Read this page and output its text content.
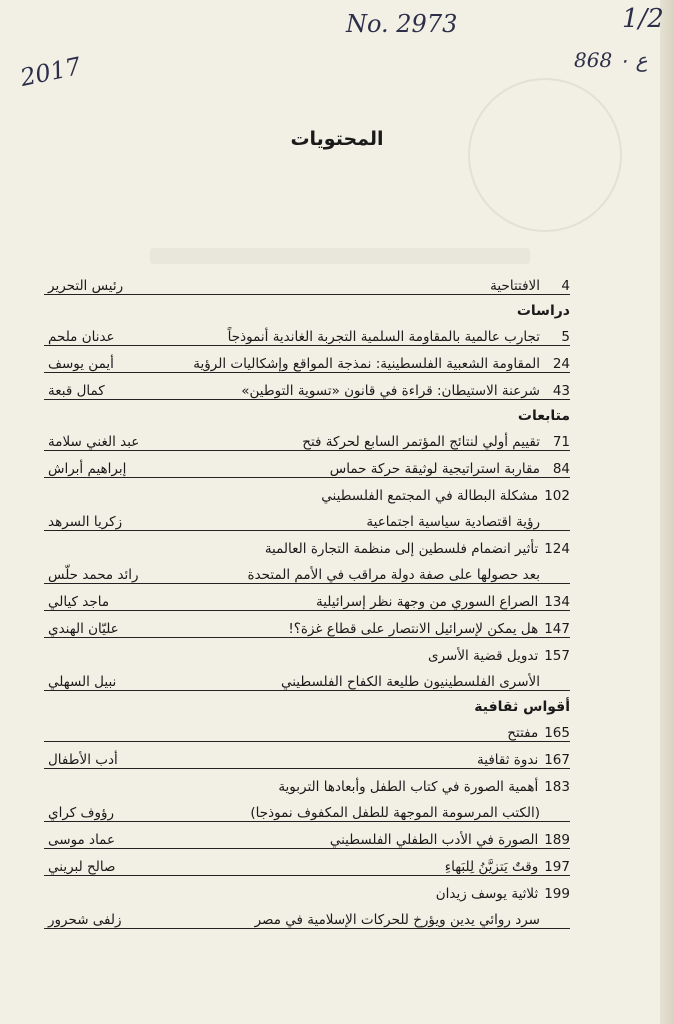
No. 2973	1/2
2017	ع ٠ 868
المحتويات
4
الافتتاحية
رئيس التحرير
دراسات
5
تجارب عالمية بالمقاومة السلمية التجربة الغاندية أنموذجاً
عدنان ملحم
24
المقاومة الشعبية الفلسطينية: نمذجة المواقع وإشكاليات الرؤية
أيمن يوسف
43
شرعنة الاستيطان: قراءة في قانون «تسوية التوطين»
كمال قبعة
متابعات
71
تقييم أولي لنتائج المؤتمر السابع لحركة فتح
عبد الغني سلامة
84
مقاربة استراتيجية لوثيقة حركة حماس
إبراهيم أبراش
102
مشكلة البطالة في المجتمع الفلسطيني
رؤية اقتصادية سياسية اجتماعية
زكريا السرهد
124
تأثير انضمام فلسطين إلى منظمة التجارة العالمية
بعد حصولها على صفة دولة مراقب في الأمم المتحدة
رائد محمد حلّس
134
الصراع السوري من وجهة نظر إسرائيلية
ماجد كيالي
147
هل يمكن لإسرائيل الانتصار على قطاع غزة؟!
عليّان الهندي
157
تدويل قضية الأسرى
الأسرى الفلسطينيون طليعة الكفاح الفلسطيني
نبيل السهلي
أقواس ثقافية
165
مفتتح
167
ندوة ثقافية
أدب الأطفال
183
أهمية الصورة في كتاب الطفل وأبعادها التربوية
(الكتب المرسومة الموجهة للطفل المكفوف نموذجا)
رؤوف كراي
189
الصورة في الأدب الطفلي الفلسطيني
عماد موسى
197
وقتٌ يَتزيَّنُ لِلبَهاءِ
صالح لبريني
199
ثلاثية يوسف زيدان
سرد روائي يدين ويؤرخ للحركات الإسلامية في مصر
زلفى شحرور
